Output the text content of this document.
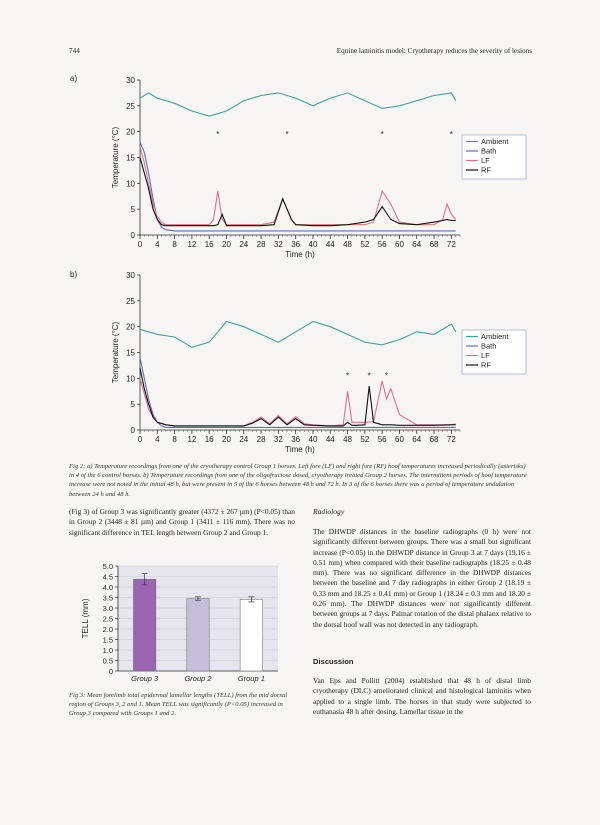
744	Equine laminitis model: Cryotherapy reduces the severity of lesions
a)
b)
0
5
10
15
20
25
30
0 4 8 12 16 20 24 28 32 36 40 44 48 52 56 60 64 68 72
Time (h)
Temperature (°C)	*	*	*	*
Ambient
Bath
LF
RF
0
5
10
15
20
25
30
0 4 8 12 16 20 24 28 32 36 40 44 48 52 56 60 64 68 72
Time (h)
Temperature (°C)	* * *
Ambient
Bath
LF
RF
Fig 2: a) Temperature recordings from one of the cryotherapy control Group 1 horses. Left fore (LF) and right fore (RF) hoof temperatures increased periodically (asterisks) in 4 of the 6 control horses. b) Temperature recordings from one of the oligofructose dosed, cryotherapy treated Group 2 horses. The intermittent periods of hoof temperature increase were not noted in the initial 48 h, but were present in 5 of the 6 horses between 48 h and 72 h. In 3 of the 6 horses there was a period of temperature undulation between 24 h and 48 h.
(Fig 3) of Group 3 was significantly greater (4372 ± 267 µm) (P<0.05) than in Group 2 (3448 ± 81 µm) and Group 1 (3411 ± 116 mm). There was no significant difference in TEL length between Group 2 and Group 1.
0
0.5
1.0
1.5
2.0
2.5
3.0
3.5
4.0
4.5
5.0
Group 3	Group 2	Group 1
TELL (mm)
Fig 3: Mean forelimb total epidermal lamellar lengths (TELL) from the mid dorsal region of Groups 3, 2 and 1. Mean TELL was significantly (P<0.05) increased in Group 3 compared with Groups 1 and 2.
Radiology
The DHWDP distances in the baseline radiographs (0 h) were not significantly different between groups. There was a small but significant increase (P<0.05) in the DHWDP distance in Group 3 at 7 days (19.16 ± 0.51 mm) when compared with their baseline radiographs (18.25 ± 0.48 mm). There was no significant difference in the DHWDP distances between the baseline and 7 day radiographs in either Group 2 (18.19 ± 0.33 mm and 18.25 ± 0.41 mm) or Group 1 (18.24 ± 0.3 mm and 18.20 ± 0.26 mm). The DHWDP distances were not significantly different between groups at 7 days. Palmar rotation of the distal phalanx relative to the dorsal hoof wall was not detected in any radiograph.
Discussion
Van Eps and Pollitt (2004) established that 48 h of distal limb cryotherapy (DLC) ameliorated clinical and histological laminitis when applied to a single limb. The horses in that study were subjected to euthanasia 48 h after dosing. Lamellar tissue in the
